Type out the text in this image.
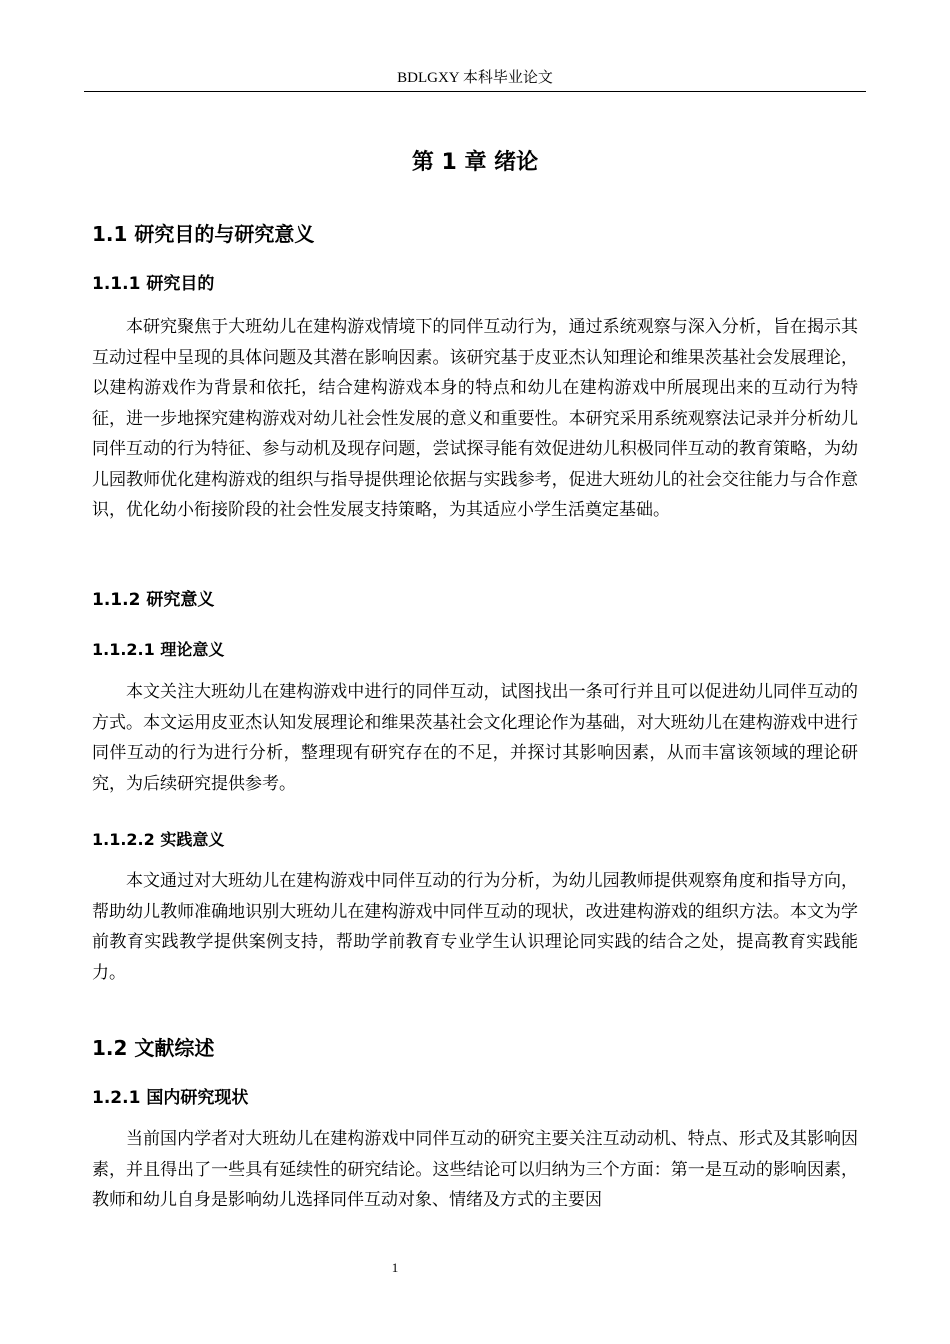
BDLGXY 本科毕业论文
第 1 章 绪论
1.1 研究目的与研究意义
1.1.1 研究目的

本研究聚焦于大班幼儿在建构游戏情境下的同伴互动行为，通过系统观察与深入分析，旨在揭示其互动过程中呈现的具体问题及其潜在影响因素。该研究基于皮亚杰认知理论和维果茨基社会发展理论，以建构游戏作为背景和依托，结合建构游戏本身的特点和幼儿在建构游戏中所展现出来的互动行为特征，进一步地探究建构游戏对幼儿社会性发展的意义和重要性。本研究采用系统观察法记录并分析幼儿同伴互动的行为特征、参与动机及现存问题，尝试探寻能有效促进幼儿积极同伴互动的教育策略，为幼儿园教师优化建构游戏的组织与指导提供理论依据与实践参考，促进大班幼儿的社会交往能力与合作意识，优化幼小衔接阶段的社会性发展支持策略，为其适应小学生活奠定基础。

1.1.2 研究意义
1.1.2.1 理论意义

本文关注大班幼儿在建构游戏中进行的同伴互动，试图找出一条可行并且可以促进幼儿同伴互动的方式。本文运用皮亚杰认知发展理论和维果茨基社会文化理论作为基础，对大班幼儿在建构游戏中进行同伴互动的行为进行分析，整理现有研究存在的不足，并探讨其影响因素，从而丰富该领域的理论研究，为后续研究提供参考。

1.1.2.2 实践意义

本文通过对大班幼儿在建构游戏中同伴互动的行为分析，为幼儿园教师提供观察角度和指导方向，帮助幼儿教师准确地识别大班幼儿在建构游戏中同伴互动的现状，改进建构游戏的组织方法。本文为学前教育实践教学提供案例支持，帮助学前教育专业学生认识理论同实践的结合之处，提高教育实践能力。

1.2 文献综述
1.2.1 国内研究现状

当前国内学者对大班幼儿在建构游戏中同伴互动的研究主要关注互动动机、特点、形式及其影响因素，并且得出了一些具有延续性的研究结论。这些结论可以归纳为三个方面：第一是互动的影响因素，教师和幼儿自身是影响幼儿选择同伴互动对象、情绪及方式的主要因

1
